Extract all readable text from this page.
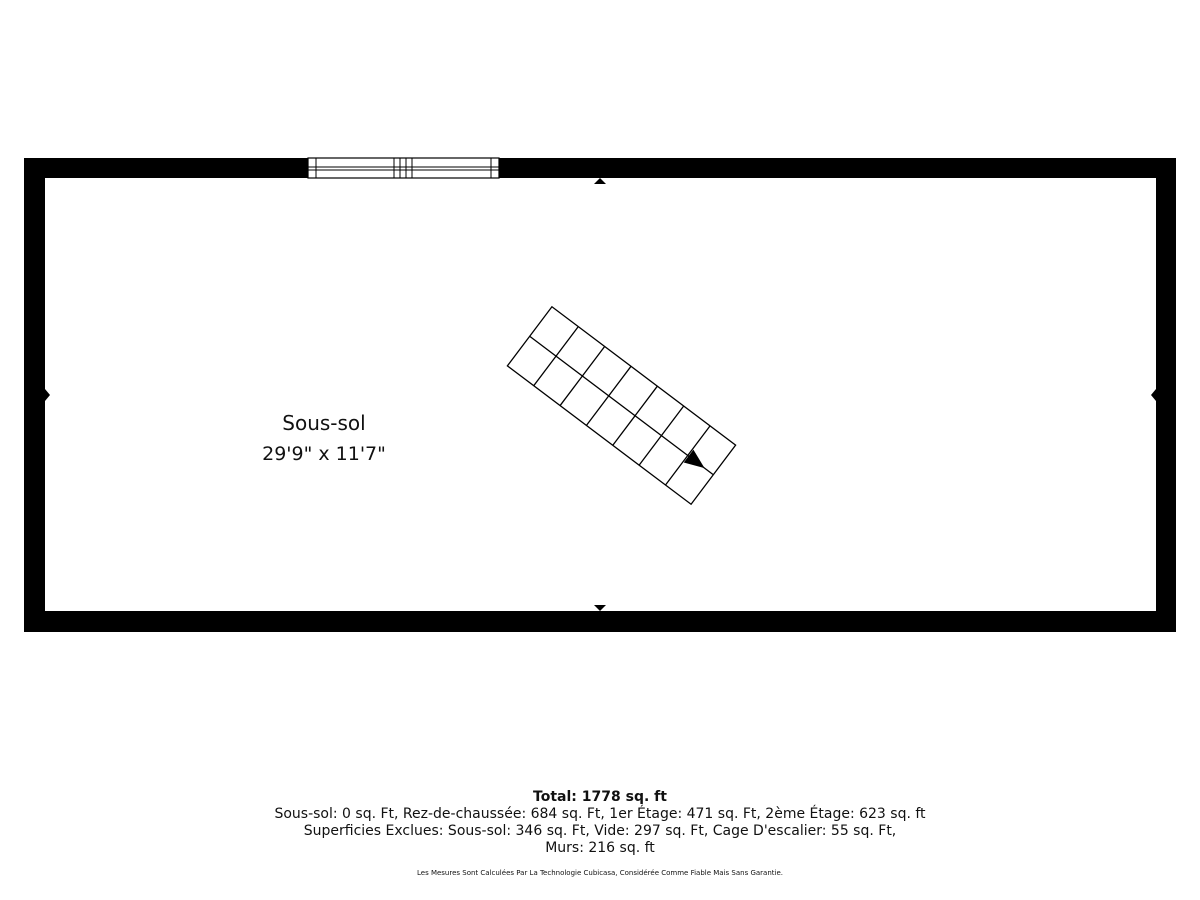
Sous-sol
29'9" x 11'7"
Total: 1778 sq. ft
Sous-sol: 0 sq. Ft, Rez-de-chaussée: 684 sq. Ft, 1er Étage: 471 sq. Ft, 2ème Étage: 623 sq. ft
Superficies Exclues: Sous-sol: 346 sq. Ft, Vide: 297 sq. Ft, Cage D'escalier: 55 sq. Ft,
Murs: 216 sq. ft
Les Mesures Sont Calculées Par La Technologie Cubicasa, Considérée Comme Fiable Mais Sans Garantie.
